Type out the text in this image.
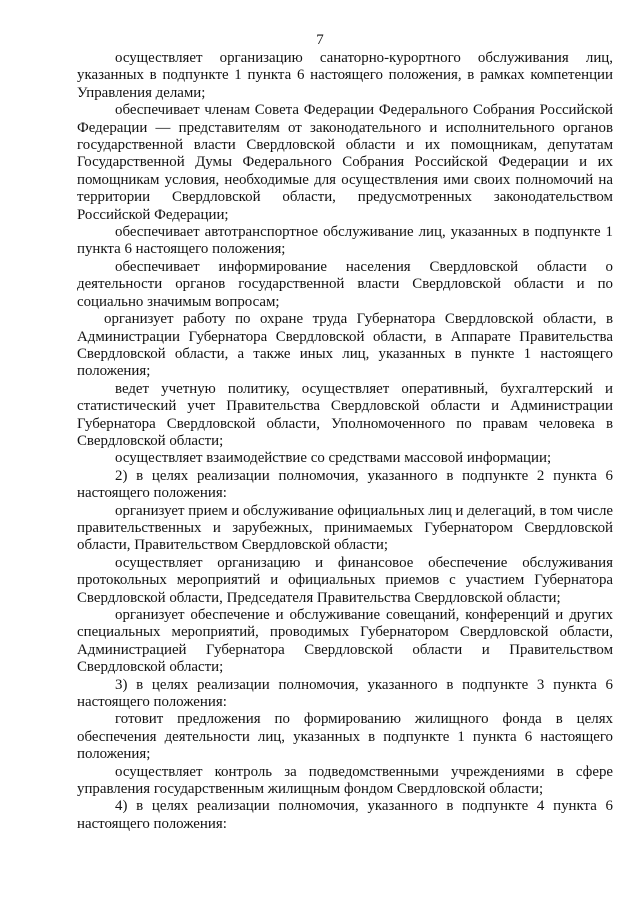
7

осуществляет организацию санаторно-курортного обслуживания лиц, указанных в подпункте 1 пункта 6 настоящего положения, в рамках компетенции Управления делами;

обеспечивает членам Совета Федерации Федерального Собрания Российской Федерации — представителям от законодательного и исполнительного органов государственной власти Свердловской области и их помощникам, депутатам Государственной Думы Федерального Собрания Российской Федерации и их помощникам условия, необходимые для осуществления ими своих полномочий на территории Свердловской области, предусмотренных законодательством Российской Федерации;

обеспечивает автотранспортное обслуживание лиц, указанных в подпункте 1 пункта 6 настоящего положения;

обеспечивает информирование населения Свердловской области о деятельности органов государственной власти Свердловской области и по социально значимым вопросам;

организует работу по охране труда Губернатора Свердловской области, в Администрации Губернатора Свердловской области, в Аппарате Правительства Свердловской области, а также иных лиц, указанных в пункте 1 настоящего положения;

ведет учетную политику, осуществляет оперативный, бухгалтерский и статистический учет Правительства Свердловской области и Администрации Губернатора Свердловской области, Уполномоченного по правам человека в Свердловской области;

осуществляет взаимодействие со средствами массовой информации;

2) в целях реализации полномочия, указанного в подпункте 2 пункта 6 настоящего положения:

организует прием и обслуживание официальных лиц и делегаций, в том числе правительственных и зарубежных, принимаемых Губернатором Свердловской области, Правительством Свердловской области;

осуществляет организацию и финансовое обеспечение обслуживания протокольных мероприятий и официальных приемов с участием Губернатора Свердловской области, Председателя Правительства Свердловской области;

организует обеспечение и обслуживание совещаний, конференций и других специальных мероприятий, проводимых Губернатором Свердловской области, Администрацией Губернатора Свердловской области и Правительством Свердловской области;

3) в целях реализации полномочия, указанного в подпункте 3 пункта 6 настоящего положения:

готовит предложения по формированию жилищного фонда в целях обеспечения деятельности лиц, указанных в подпункте 1 пункта 6 настоящего положения;

осуществляет контроль за подведомственными учреждениями в сфере управления государственным жилищным фондом Свердловской области;

4) в целях реализации полномочия, указанного в подпункте 4 пункта 6 настоящего положения:
